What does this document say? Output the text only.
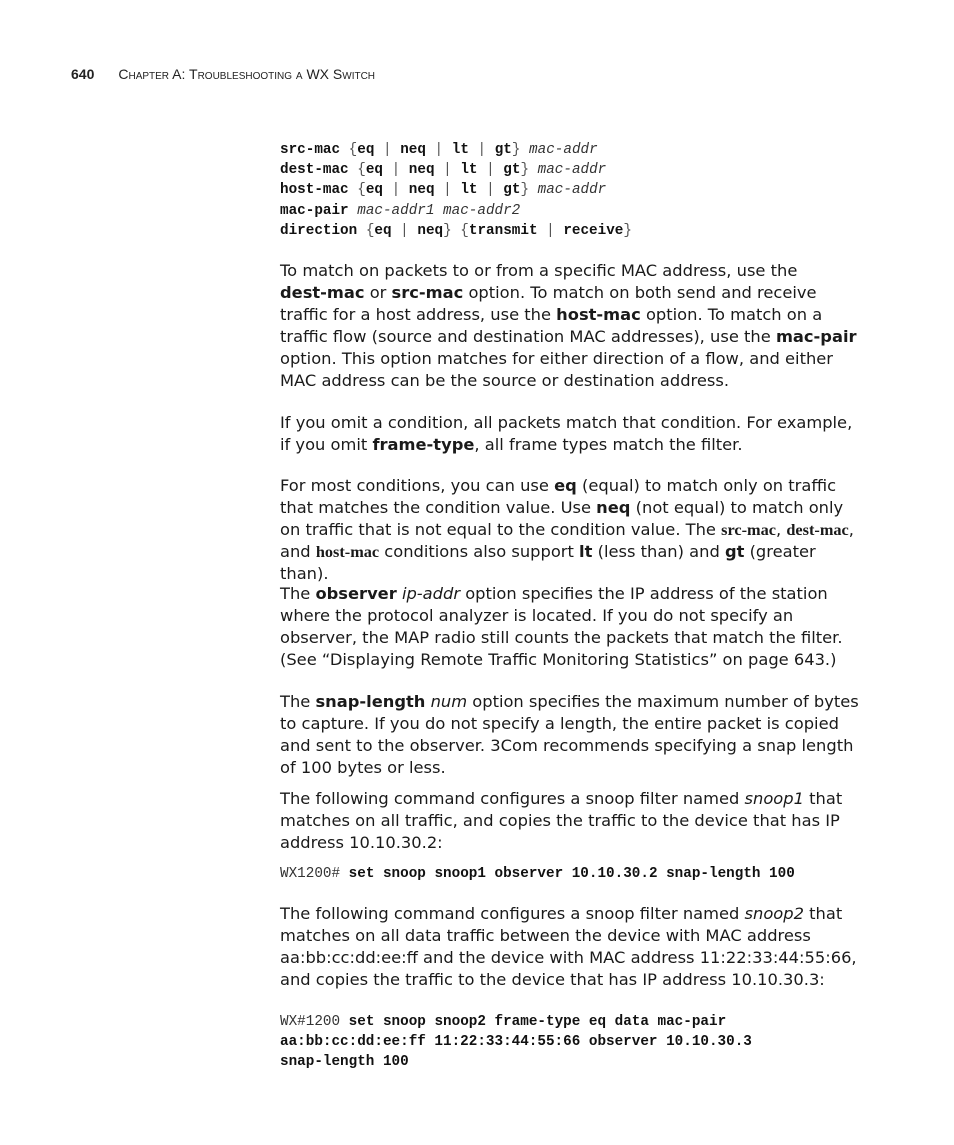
640 Chapter A: Troubleshooting a WX Switch
src-mac {eq | neq | lt | gt} mac-addr
dest-mac {eq | neq | lt | gt} mac-addr
host-mac {eq | neq | lt | gt} mac-addr
mac-pair mac-addr1 mac-addr2
direction {eq | neq} {transmit | receive}

To match on packets to or from a specific MAC address, use the
dest-mac or src-mac option. To match on both send and receive traffic for a host address, use the host-mac option. To match on a traffic flow (source and destination MAC addresses), use the mac-pair option. This option matches for either direction of a flow, and either MAC address can be the source or destination address.

If you omit a condition, all packets match that condition. For example, if you omit frame-type, all frame types match the filter.

For most conditions, you can use eq (equal) to match only on traffic that matches the condition value. Use neq (not equal) to match only on traffic that is not equal to the condition value. The src-mac, dest-mac, and host-mac conditions also support lt (less than) and gt (greater than).

The observer ip-addr option specifies the IP address of the station where the protocol analyzer is located. If you do not specify an observer, the MAP radio still counts the packets that match the filter. (See “Displaying Remote Traffic Monitoring Statistics” on page 643.)

The snap-length num option specifies the maximum number of bytes to capture. If you do not specify a length, the entire packet is copied and sent to the observer. 3Com recommends specifying a snap length of 100 bytes or less.

The following command configures a snoop filter named snoop1 that matches on all traffic, and copies the traffic to the device that has IP address 10.10.30.2:

WX1200# set snoop snoop1 observer 10.10.30.2 snap-length 100

The following command configures a snoop filter named snoop2 that matches on all data traffic between the device with MAC address aa:bb:cc:dd:ee:ff and the device with MAC address 11:22:33:44:55:66, and copies the traffic to the device that has IP address 10.10.30.3:

WX#1200 set snoop snoop2 frame-type eq data mac-pair
aa:bb:cc:dd:ee:ff 11:22:33:44:55:66 observer 10.10.30.3
snap-length 100
